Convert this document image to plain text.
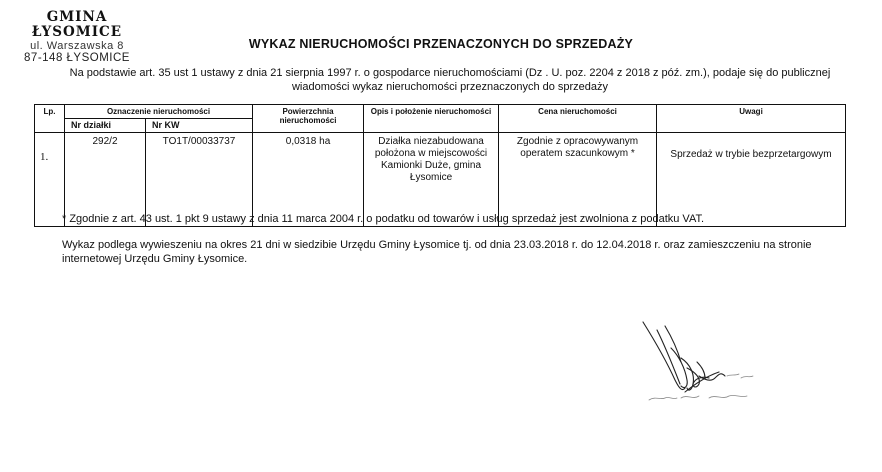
GMINA ŁYSOMICE
ul. Warszawska 8
87-148 ŁYSOMICE
WYKAZ NIERUCHOMOŚCI PRZENACZONYCH DO SPRZEDAŻY
Na podstawie art. 35 ust 1 ustawy z dnia 21 sierpnia 1997 r. o gospodarce nieruchomościami (Dz . U. poz. 2204 z 2018 z póź. zm.), podaje się do publicznej
wiadomości wykaz nieruchomości przeznaczonych do sprzedaży
Lp.	Oznaczenie nieruchomości		Powierzchnia nieruchomości	Opis i położenie nieruchomości	Cena nieruchomości	Uwagi
	Nr działki	Nr KW				
1.	292/2	TO1T/00033737	0,0318 ha	Działka niezabudowana położona w miejscowości Kamionki Duże, gmina Łysomice	Zgodnie z opracowywanym operatem szacunkowym *	Sprzedaż w trybie bezprzetargowym
* Zgodnie z art. 43 ust. 1 pkt 9 ustawy z dnia 11 marca 2004 r. o podatku od towarów i usług sprzedaż jest zwolniona z podatku VAT.
Wykaz podlega wywieszeniu na okres 21 dni w siedzibie Urzędu Gminy Łysomice tj. od dnia 23.03.2018 r. do 12.04.2018 r. oraz zamieszczeniu na stronie
internetowej Urzędu Gminy Łysomice.
